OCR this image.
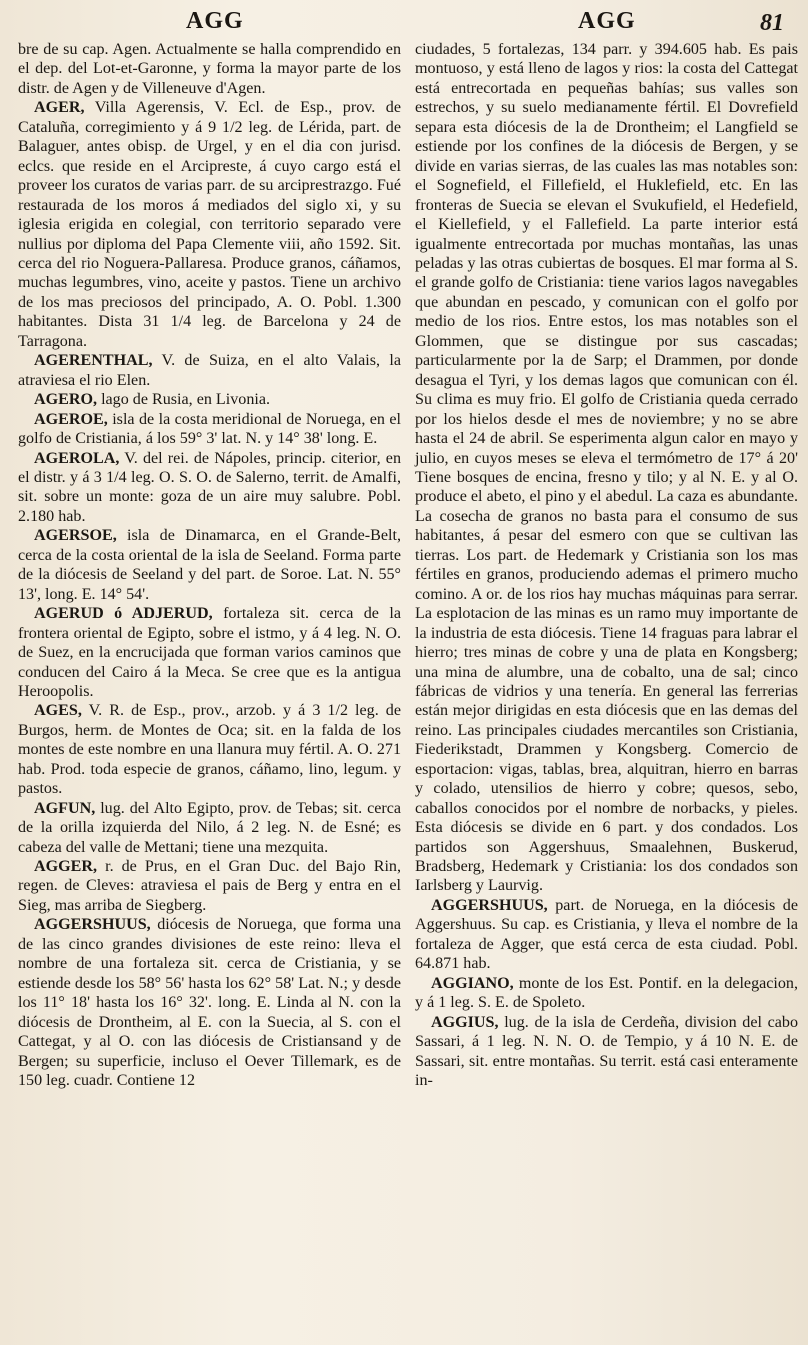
AGG	AGG	81

bre de su cap. Agen. Actualmente se halla comprendido en el dep. del Lot-et-Garonne, y forma la mayor parte de los distr. de Agen y de Villeneuve d'Agen.

AGER, Villa Agerensis, V. Ecl. de Esp., prov. de Cataluña, corregimiento y á 9 1/2 leg. de Lérida, part. de Balaguer, antes obisp. de Urgel, y en el dia con jurisd. eclcs. que reside en el Arcipreste, á cuyo cargo está el proveer los curatos de varias parr. de su arciprestrazgo. Fué restaurada de los moros á mediados del siglo xi, y su iglesia erigida en colegial, con territorio separado vere nullius por diploma del Papa Clemente viii, año 1592. Sit. cerca del rio Noguera-Pallaresa. Produce granos, cáñamos, muchas legumbres, vino, aceite y pastos. Tiene un archivo de los mas preciosos del principado, A. O. Pobl. 1.300 habitantes. Dista 31 1/4 leg. de Barcelona y 24 de Tarragona.

AGERENTHAL, V. de Suiza, en el alto Valais, la atraviesa el rio Elen.

AGERO, lago de Rusia, en Livonia.

AGEROE, isla de la costa meridional de Noruega, en el golfo de Cristiania, á los 59° 3' lat. N. y 14° 38' long. E.

AGEROLA, V. del rei. de Nápoles, princip. citerior, en el distr. y á 3 1/4 leg. O. S. O. de Salerno, territ. de Amalfi, sit. sobre un monte: goza de un aire muy salubre. Pobl. 2.180 hab.

AGERSOE, isla de Dinamarca, en el Grande-Belt, cerca de la costa oriental de la isla de Seeland. Forma parte de la diócesis de Seeland y del part. de Soroe. Lat. N. 55° 13', long. E. 14° 54'.

AGERUD ó ADJERUD, fortaleza sit. cerca de la frontera oriental de Egipto, sobre el istmo, y á 4 leg. N. O. de Suez, en la encrucijada que forman varios caminos que conducen del Cairo á la Meca. Se cree que es la antigua Heroopolis.

AGES, V. R. de Esp., prov., arzob. y á 3 1/2 leg. de Burgos, herm. de Montes de Oca; sit. en la falda de los montes de este nombre en una llanura muy fértil. A. O. 271 hab. Prod. toda especie de granos, cáñamo, lino, legum. y pastos.

AGFUN, lug. del Alto Egipto, prov. de Tebas; sit. cerca de la orilla izquierda del Nilo, á 2 leg. N. de Esné; es cabeza del valle de Mettani; tiene una mezquita.

AGGER, r. de Prus, en el Gran Duc. del Bajo Rin, regen. de Cleves: atraviesa el pais de Berg y entra en el Sieg, mas arriba de Siegberg.

AGGERSHUUS, diócesis de Noruega, que forma una de las cinco grandes divisiones de este reino: lleva el nombre de una fortaleza sit. cerca de Cristiania, y se estiende desde los 58° 56' hasta los 62° 58' Lat. N.; y desde los 11° 18' hasta los 16° 32'. long. E. Linda al N. con la diócesis de Drontheim, al E. con la Suecia, al S. con el Cattegat, y al O. con las diócesis de Cristiansand y de Bergen; su superficie, incluso el Oever Tillemark, es de 150 leg. cuadr. Contiene 12

ciudades, 5 fortalezas, 134 parr. y 394.605 hab. Es pais montuoso, y está lleno de lagos y rios: la costa del Cattegat está entrecortada en pequeñas bahías; sus valles son estrechos, y su suelo medianamente fértil. El Dovrefield separa esta diócesis de la de Drontheim; el Langfield se estiende por los confines de la diócesis de Bergen, y se divide en varias sierras, de las cuales las mas notables son: el Sognefield, el Fillefield, el Huklefield, etc. En las fronteras de Suecia se elevan el Svukufield, el Hedefield, el Kiellefield, y el Fallefield. La parte interior está igualmente entrecortada por muchas montañas, las unas peladas y las otras cubiertas de bosques. El mar forma al S. el grande golfo de Cristiania: tiene varios lagos navegables que abundan en pescado, y comunican con el golfo por medio de los rios. Entre estos, los mas notables son el Glommen, que se distingue por sus cascadas; particularmente por la de Sarp; el Drammen, por donde desagua el Tyri, y los demas lagos que comunican con él. Su clima es muy frio. El golfo de Cristiania queda cerrado por los hielos desde el mes de noviembre; y no se abre hasta el 24 de abril. Se esperimenta algun calor en mayo y julio, en cuyos meses se eleva el termómetro de 17° á 20' Tiene bosques de encina, fresno y tilo; y al N. E. y al O. produce el abeto, el pino y el abedul. La caza es abundante. La cosecha de granos no basta para el consumo de sus habitantes, á pesar del esmero con que se cultivan las tierras. Los part. de Hedemark y Cristiania son los mas fértiles en granos, produciendo ademas el primero mucho comino. A or. de los rios hay muchas máquinas para serrar. La esplotacion de las minas es un ramo muy importante de la industria de esta diócesis. Tiene 14 fraguas para labrar el hierro; tres minas de cobre y una de plata en Kongsberg; una mina de alumbre, una de cobalto, una de sal; cinco fábricas de vidrios y una tenería. En general las ferrerias están mejor dirigidas en esta diócesis que en las demas del reino. Las principales ciudades mercantiles son Cristiania, Fiederikstadt, Drammen y Kongsberg. Comercio de esportacion: vigas, tablas, brea, alquitran, hierro en barras y colado, utensilios de hierro y cobre; quesos, sebo, caballos conocidos por el nombre de norbacks, y pieles. Esta diócesis se divide en 6 part. y dos condados. Los partidos son Aggershuus, Smaalehnen, Buskerud, Bradsberg, Hedemark y Cristiania: los dos condados son Iarlsberg y Laurvig.

AGGERSHUUS, part. de Noruega, en la diócesis de Aggershuus. Su cap. es Cristiania, y lleva el nombre de la fortaleza de Agger, que está cerca de esta ciudad. Pobl. 64.871 hab.

AGGIANO, monte de los Est. Pontif. en la delegacion, y á 1 leg. S. E. de Spoleto.

AGGIUS, lug. de la isla de Cerdeña, division del cabo Sassari, á 1 leg. N. N. O. de Tempio, y á 10 N. E. de Sassari, sit. entre montañas. Su territ. está casi enteramente in-
